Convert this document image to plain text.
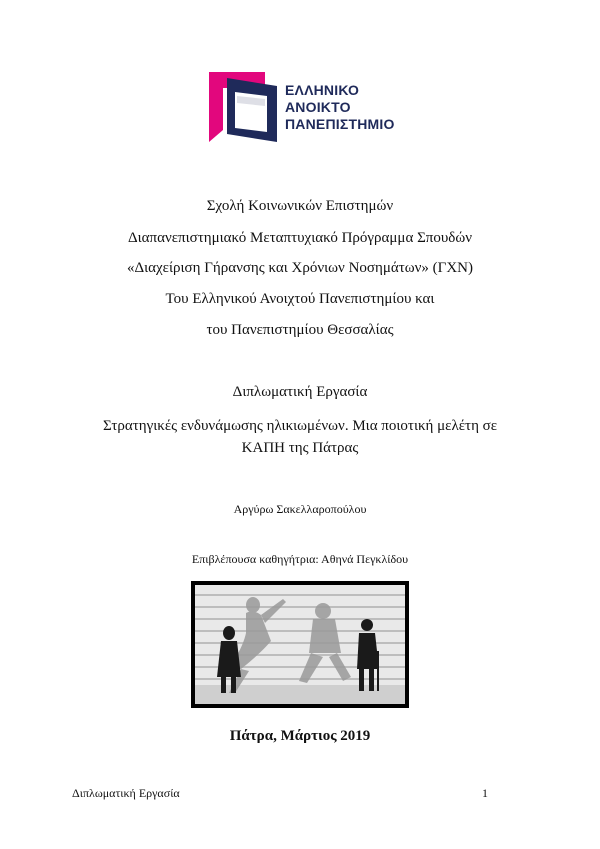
ΕΛΛΗΝΙΚΟ
ΑΝΟΙΚΤΟ
ΠΑΝΕΠΙΣΤΗΜΙΟ
Σχολή Κοινωνικών Επιστημών
Διαπανεπιστημιακό Μεταπτυχιακό Πρόγραμμα Σπουδών
«Διαχείριση Γήρανσης και Χρόνιων Νοσημάτων» (ΓΧΝ)
Του Ελληνικού Ανοιχτού Πανεπιστημίου και
του Πανεπιστημίου Θεσσαλίας
Διπλωματική Εργασία
Στρατηγικές ενδυνάμωσης ηλικιωμένων. Μια ποιοτική μελέτη σε
ΚΑΠΗ της Πάτρας
Αργύρω Σακελλαροπούλου
Επιβλέπουσα καθηγήτρια: Αθηνά Πεγκλίδου
Πάτρα, Μάρτιος 2019
Διπλωματική Εργασία	1
